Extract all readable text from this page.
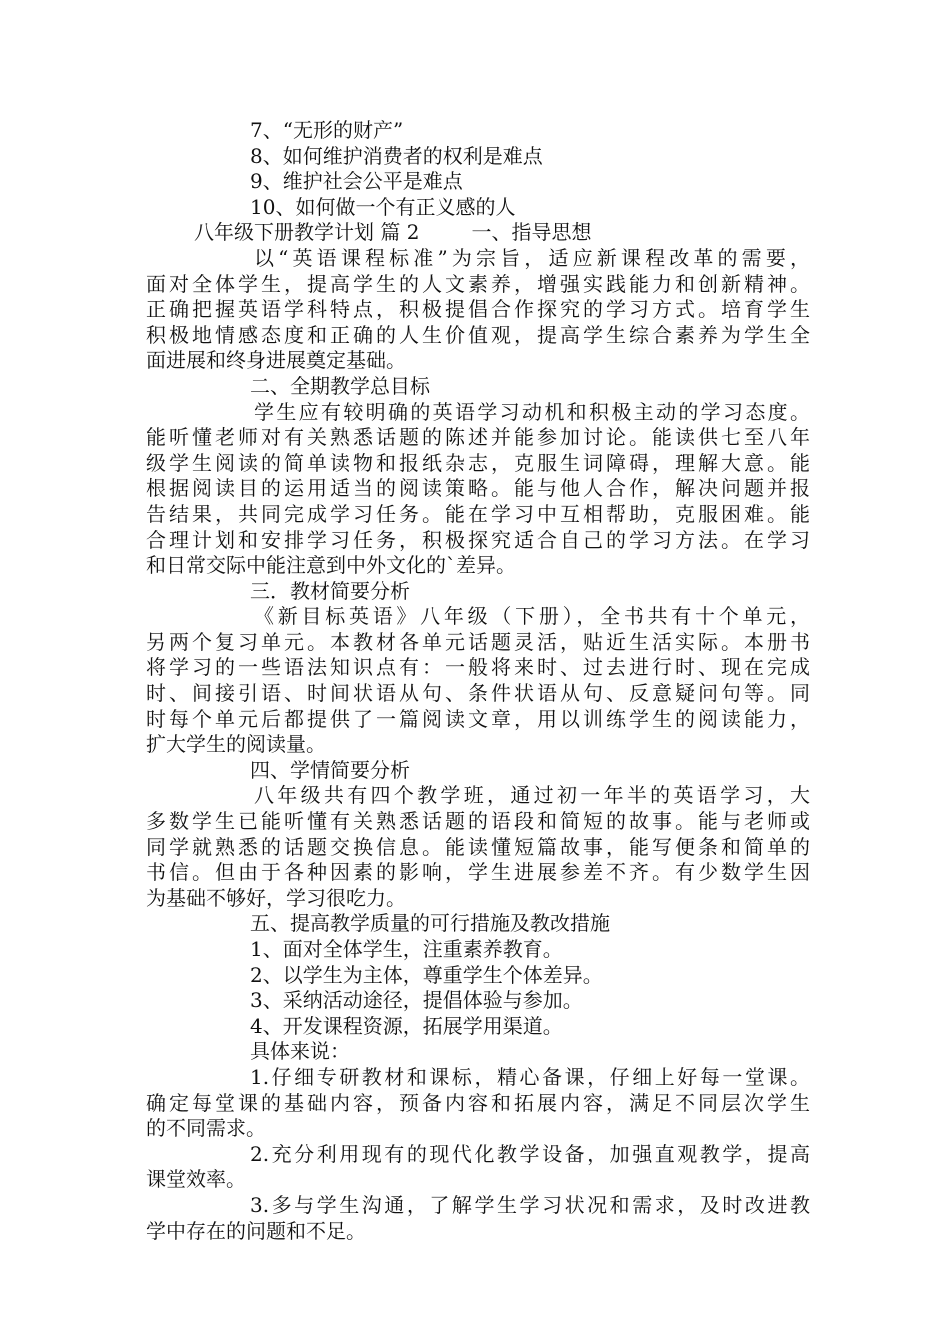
7、“无形的财产”
8、如何维护消费者的权利是难点
9、维护社会公平是难点
10、如何做一个有正义感的人
八年级下册教学计划 篇 2	一、指导思想
以“英语课程标准”为宗旨，适应新课程改革的需要，
面对全体学生，提高学生的人文素养，增强实践能力和创新精神。
正确把握英语学科特点，积极提倡合作探究的学习方式。培育学生
积极地情感态度和正确的人生价值观，提高学生综合素养为学生全
面进展和终身进展奠定基础。
二、全期教学总目标
学生应有较明确的英语学习动机和积极主动的学习态度。
能听懂老师对有关熟悉话题的陈述并能参加讨论。能读供七至八年
级学生阅读的简单读物和报纸杂志，克服生词障碍，理解大意。能
根据阅读目的运用适当的阅读策略。能与他人合作，解决问题并报
告结果，共同完成学习任务。能在学习中互相帮助，克服困难。能
合理计划和安排学习任务，积极探究适合自己的学习方法。在学习
和日常交际中能注意到中外文化的`差异。
三．教材简要分析
《新目标英语》八年级（下册），全书共有十个单元，
另两个复习单元。本教材各单元话题灵活，贴近生活实际。本册书
将学习的一些语法知识点有：一般将来时、过去进行时、现在完成
时、间接引语、时间状语从句、条件状语从句、反意疑问句等。同
时每个单元后都提供了一篇阅读文章，用以训练学生的阅读能力，
扩大学生的阅读量。
四、学情简要分析
八年级共有四个教学班，通过初一年半的英语学习，大
多数学生已能听懂有关熟悉话题的语段和简短的故事。能与老师或
同学就熟悉的话题交换信息。能读懂短篇故事，能写便条和简单的
书信。但由于各种因素的影响，学生进展参差不齐。有少数学生因
为基础不够好，学习很吃力。
五、提高教学质量的可行措施及教改措施
1、面对全体学生，注重素养教育。
2、以学生为主体，尊重学生个体差异。
3、采纳活动途径，提倡体验与参加。
4、开发课程资源，拓展学用渠道。
具体来说：
1.仔细专研教材和课标，精心备课，仔细上好每一堂课。
确定每堂课的基础内容，预备内容和拓展内容，满足不同层次学生
的不同需求。
2.充分利用现有的现代化教学设备，加强直观教学，提高
课堂效率。
3.多与学生沟通，了解学生学习状况和需求，及时改进教
学中存在的问题和不足。
